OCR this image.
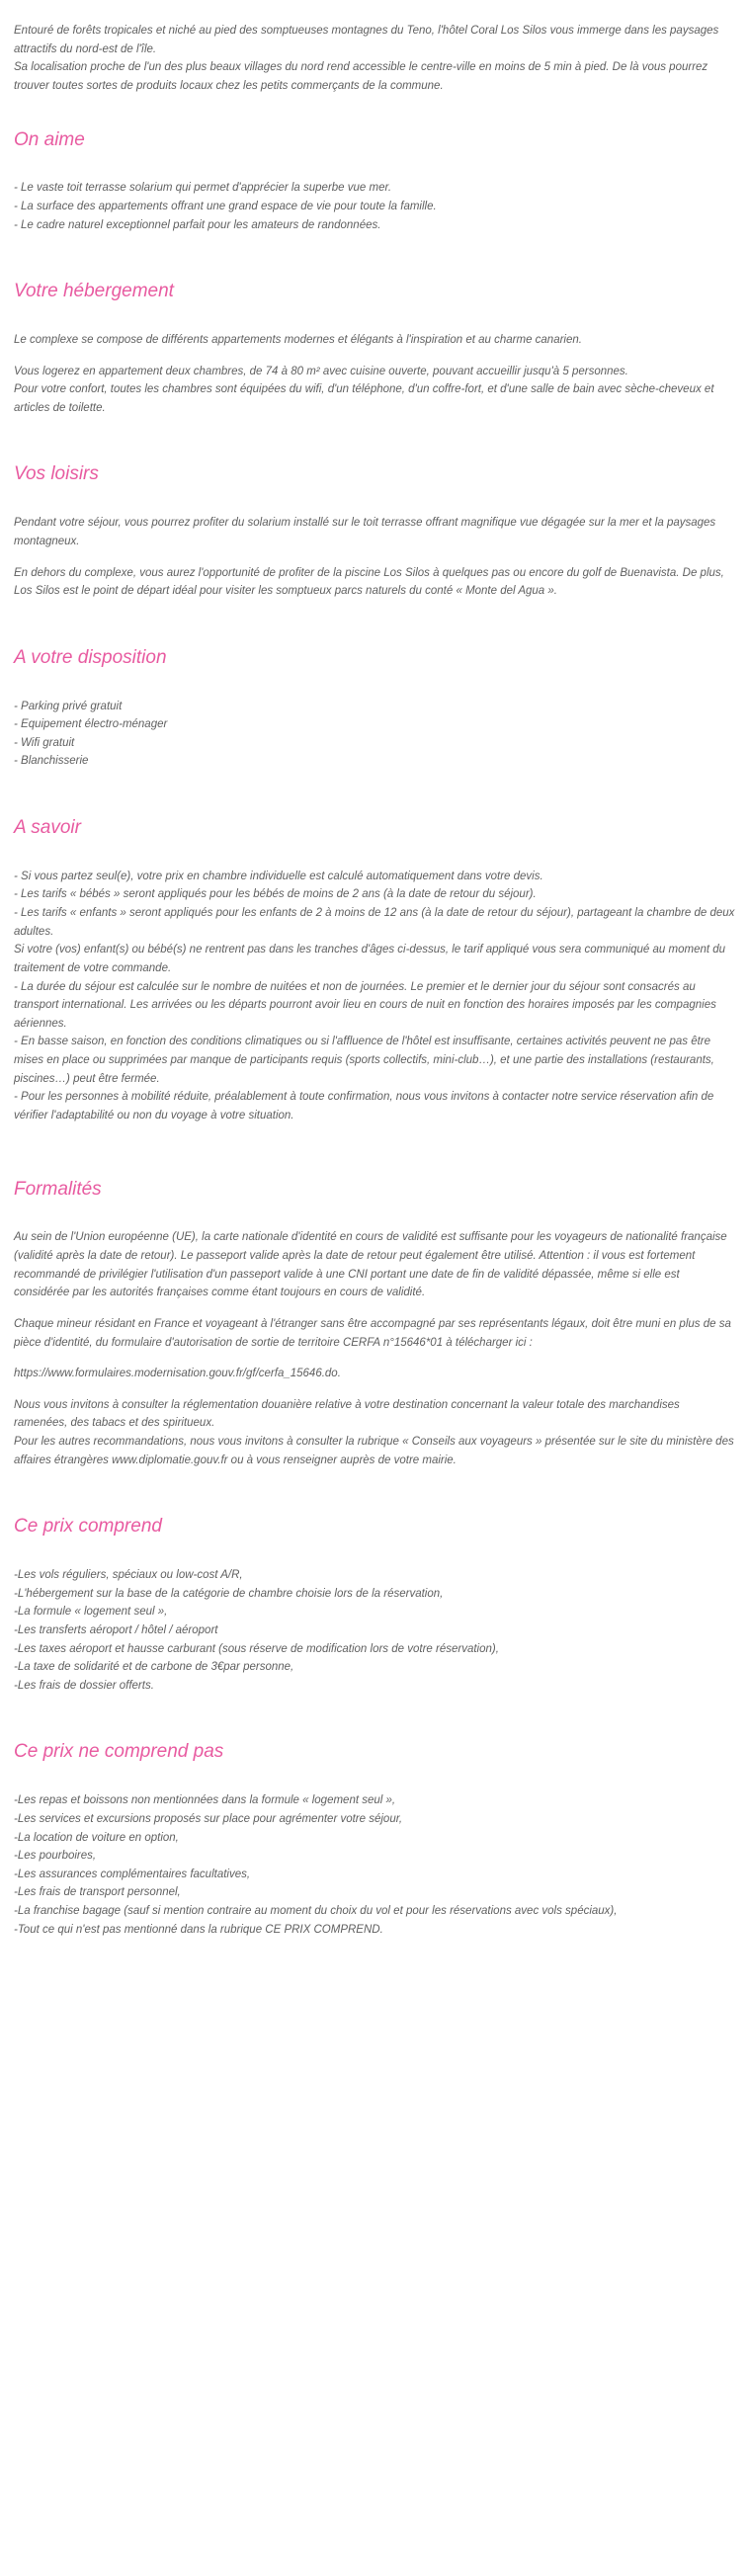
Entouré de forêts tropicales et niché au pied des somptueuses montagnes du Teno, l'hôtel Coral Los Silos vous immerge dans les paysages attractifs du nord-est de l'île.

Sa localisation proche de l'un des plus beaux villages du nord rend accessible le centre-ville en moins de 5 min à pied. De là vous pourrez trouver toutes sortes de produits locaux chez les petits commerçants de la commune.

On aime

- Le vaste toit terrasse solarium qui permet d'apprécier la superbe vue mer.

- La surface des appartements offrant une grand espace de vie pour toute la famille.

- Le cadre naturel exceptionnel parfait pour les amateurs de randonnées.

Votre hébergement

Le complexe se compose de différents appartements modernes et élégants à l'inspiration et au charme canarien.

Vous logerez en appartement deux chambres, de 74 à 80 m² avec cuisine ouverte, pouvant accueillir jusqu'à 5 personnes.

Pour votre confort, toutes les chambres sont équipées du wifi, d'un téléphone, d'un coffre-fort, et d'une salle de bain avec sèche-cheveux et articles de toilette.

Vos loisirs

Pendant votre séjour, vous pourrez profiter du solarium installé sur le toit terrasse offrant magnifique vue dégagée sur la mer et la paysages montagneux.

En dehors du complexe, vous aurez l'opportunité de profiter de la piscine Los Silos à quelques pas ou encore du golf de Buenavista. De plus, Los Silos est le point de départ idéal pour visiter les somptueux parcs naturels du conté « Monte del Agua ».

A votre disposition

- Parking privé gratuit

- Equipement électro-ménager

- Wifi gratuit

- Blanchisserie

A savoir

- Si vous partez seul(e), votre prix en chambre individuelle est calculé automatiquement dans votre devis.

- Les tarifs « bébés » seront appliqués pour les bébés de moins de 2 ans (à la date de retour du séjour).

- Les tarifs « enfants » seront appliqués pour les enfants de 2 à moins de 12 ans (à la date de retour du séjour), partageant la chambre de deux adultes.

Si votre (vos) enfant(s) ou bébé(s) ne rentrent pas dans les tranches d'âges ci-dessus, le tarif appliqué vous sera communiqué au moment du traitement de votre commande.

- La durée du séjour est calculée sur le nombre de nuitées et non de journées. Le premier et le dernier jour du séjour sont consacrés au transport international. Les arrivées ou les départs pourront avoir lieu en cours de nuit en fonction des horaires imposés par les compagnies aériennes.

- En basse saison, en fonction des conditions climatiques ou si l'affluence de l'hôtel est insuffisante, certaines activités peuvent ne pas être mises en place ou supprimées par manque de participants requis (sports collectifs, mini-club…), et une partie des installations (restaurants, piscines…) peut être fermée.

- Pour les personnes à mobilité réduite, préalablement à toute confirmation, nous vous invitons à contacter notre service réservation afin de vérifier l'adaptabilité ou non du voyage à votre situation.

Formalités

Au sein de l'Union européenne (UE), la carte nationale d'identité en cours de validité est suffisante pour les voyageurs de nationalité française (validité après la date de retour). Le passeport valide après la date de retour peut également être utilisé. Attention : il vous est fortement recommandé de privilégier l'utilisation d'un passeport valide à une CNI portant une date de fin de validité dépassée, même si elle est considérée par les autorités françaises comme étant toujours en cours de validité.

Chaque mineur résidant en France et voyageant à l'étranger sans être accompagné par ses représentants légaux, doit être muni en plus de sa pièce d'identité, du formulaire d'autorisation de sortie de territoire CERFA n°15646*01 à télécharger ici :

https://www.formulaires.modernisation.gouv.fr/gf/cerfa_15646.do.

Nous vous invitons à consulter la réglementation douanière relative à votre destination concernant la valeur totale des marchandises ramenées, des tabacs et des spiritueux.

Pour les autres recommandations, nous vous invitons à consulter la rubrique « Conseils aux voyageurs » présentée sur le site du ministère des affaires étrangères www.diplomatie.gouv.fr ou à vous renseigner auprès de votre mairie.

Ce prix comprend

-Les vols réguliers, spéciaux ou low-cost A/R,

-L'hébergement sur la base de la catégorie de chambre choisie lors de la réservation,

-La formule « logement seul »,

-Les transferts aéroport / hôtel / aéroport

-Les taxes aéroport et hausse carburant (sous réserve de modification lors de votre réservation),

-La taxe de solidarité et de carbone de 3€par personne,

-Les frais de dossier offerts.

Ce prix ne comprend pas

-Les repas et boissons non mentionnées dans la formule « logement seul »,

-Les services et excursions proposés sur place pour agrémenter votre séjour,

-La location de voiture en option,

-Les pourboires,

-Les assurances complémentaires facultatives,

-Les frais de transport personnel,

-La franchise bagage (sauf si mention contraire au moment du choix du vol et pour les réservations avec vols spéciaux),

-Tout ce qui n'est pas mentionné dans la rubrique CE PRIX COMPREND.
